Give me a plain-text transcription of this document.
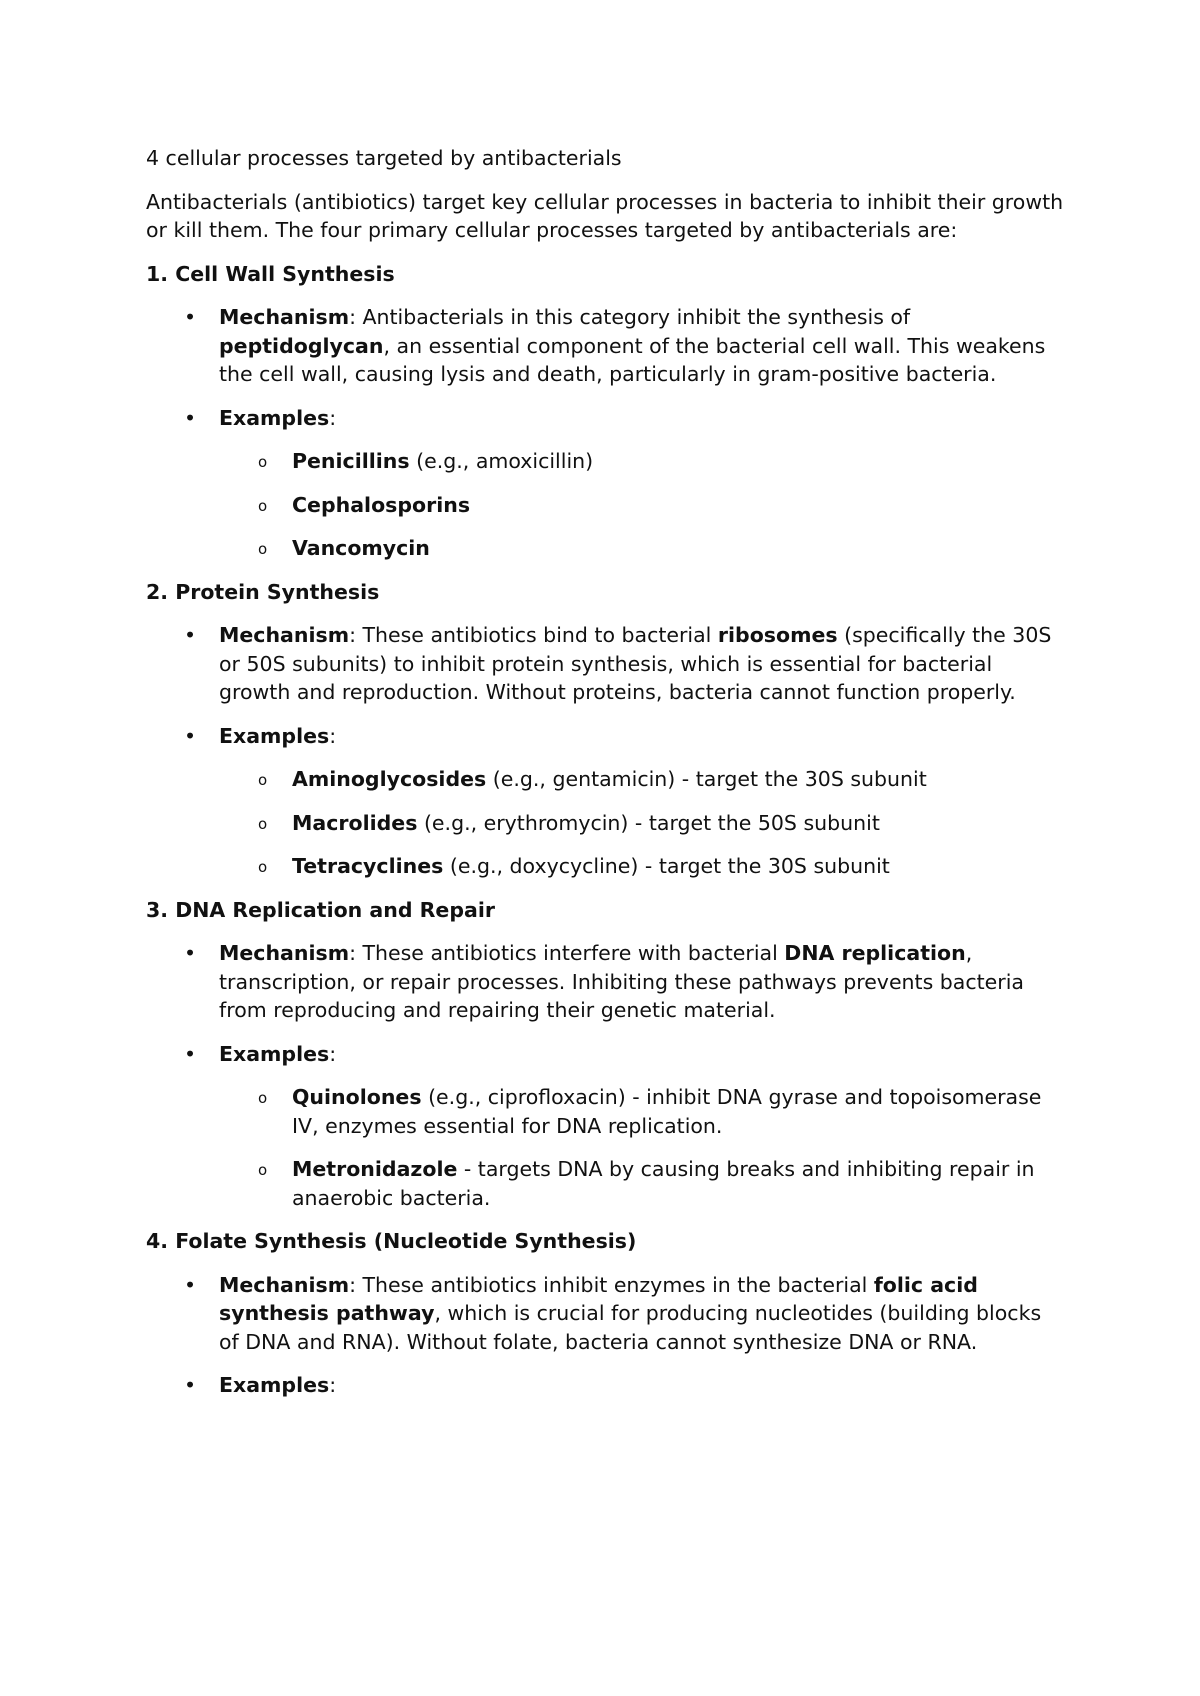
4 cellular processes targeted by antibacterials

Antibacterials (antibiotics) target key cellular processes in bacteria to inhibit their growth or kill them. The four primary cellular processes targeted by antibacterials are:

1. Cell Wall Synthesis

•	Mechanism: Antibacterials in this category inhibit the synthesis of peptidoglycan, an essential component of the bacterial cell wall. This weakens the cell wall, causing lysis and death, particularly in gram-positive bacteria.

•	Examples:

o Penicillins (e.g., amoxicillin)

o Cephalosporins

o Vancomycin

2. Protein Synthesis

•	Mechanism: These antibiotics bind to bacterial ribosomes (specifically the 30S or 50S subunits) to inhibit protein synthesis, which is essential for bacterial growth and reproduction. Without proteins, bacteria cannot function properly.

•	Examples:

o Aminoglycosides (e.g., gentamicin) - target the 30S subunit

o Macrolides (e.g., erythromycin) - target the 50S subunit

o Tetracyclines (e.g., doxycycline) - target the 30S subunit

3. DNA Replication and Repair

•	Mechanism: These antibiotics interfere with bacterial DNA replication, transcription, or repair processes. Inhibiting these pathways prevents bacteria from reproducing and repairing their genetic material.

•	Examples:

o Quinolones (e.g., ciprofloxacin) - inhibit DNA gyrase and topoisomerase IV, enzymes essential for DNA replication.

o Metronidazole - targets DNA by causing breaks and inhibiting repair in anaerobic bacteria.

4. Folate Synthesis (Nucleotide Synthesis)

•	Mechanism: These antibiotics inhibit enzymes in the bacterial folic acid synthesis pathway, which is crucial for producing nucleotides (building blocks of DNA and RNA). Without folate, bacteria cannot synthesize DNA or RNA.

•	Examples:
